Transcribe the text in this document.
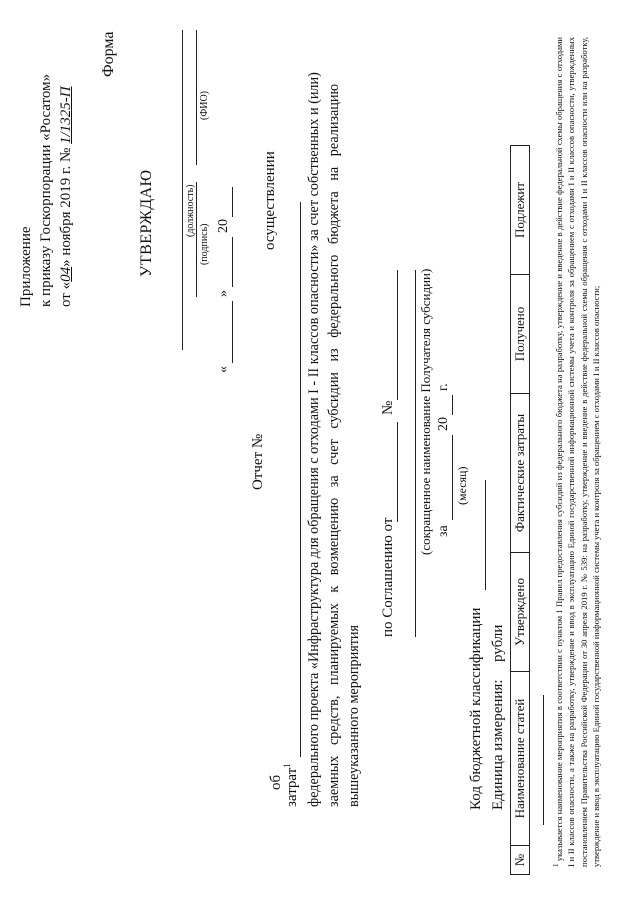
Приложение к приказу Госкорпорации «Росатом» от «04» ноября 2019 г. № 1/1325-П
Форма
УТВЕРЖДАЮ	(должность)
(подпись)
(ФИО)
«
»
20
Отчет №
об
осуществлении
затрат$^1$ федерального проекта «Инфраструктура для обращения с отходами I - II классов опасности» за счет собственных и (или) заемных средств, планируемых к возмещению за счет субсидии из федерального бюджета на реализацию вышеуказанного мероприятия
по Соглашению от
№ (сокращенное наименование Получателя субсидии) за
20
г.
(месяц)
Код бюджетной классификации Единица измерения:
рубли
№	Наименование статей	Утверждено	Фактические затраты	Получено	Подлежит
$^1$ указывается наименование мероприятия в соответствии с пунктом 1 Правил предоставления субсидий из федерального бюджета на разработку, утверждение и введение в действие федеральной схемы обращения с отходами I и II классов опасности, а также на разработку, утверждение и ввод в эксплуатацию Единой государственной информационной системы учета и контроля за обращением с отходами I и II классов опасности, утвержденных постановлением Правительства Российской Федерации от 30 апреля 2019 г. № 539: на разработку, утверждение и введение в действие федеральной схемы обращения с отходами I и II классов опасности или на разработку, утверждение и ввод в эксплуатацию Единой государственной информационной системы учета и контроля за обращением с отходами I и II классов опасности;
